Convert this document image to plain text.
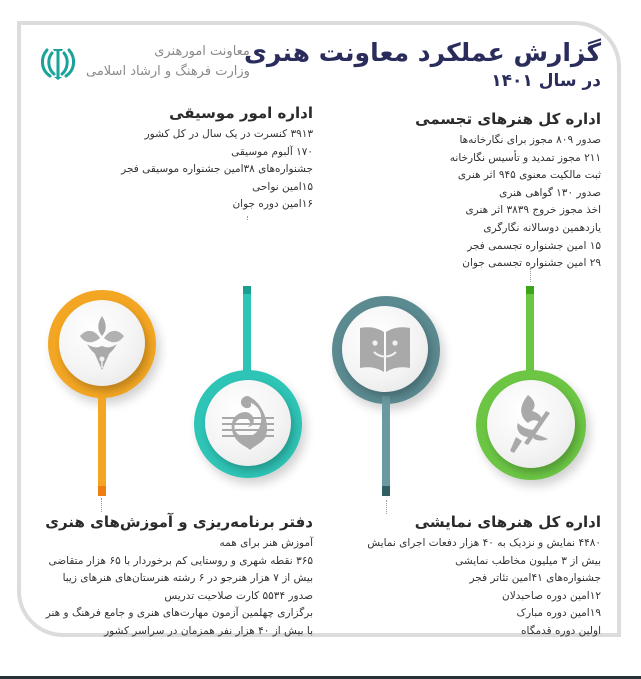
گزارش عملکرد معاونت هنری
در سال ۱۴۰۱
معاونت امورهنری
وزارت فرهنگ و ارشاد اسلامی
اداره کل هنرهای تجسمی
صدور ۸۰۹ مجوز برای نگارخانه‌ها
۲۱۱ مجوز تمدید و تأسیس نگارخانه
ثبت مالکیت معنوی ۹۴۵ اثر هنری
صدور ۱۳۰ گواهی هنری
اخذ مجوز خروج ۳۸۳۹ اثر هنری
یازدهمین دوسالانه نگارگری
۱۵ امین جشنواره تجسمی فجر
۲۹ امین جشنواره تجسمی جوان
اداره امور موسیقی
۳۹۱۳ کنسرت در یک سال در کل کشور
۱۷۰ آلبوم موسیقی
جشنواره‌های ۳۸امین جشنواره موسیقی فجر
۱۵امین نواحی
۱۶امین دوره جوان
دفتر برنامه‌ریزی و آموزش‌های هنری
آموزش هنر برای همه
۳۶۵ نقطه شهری و روستایی کم برخوردار با ۶۵ هزار متقاضی
بیش از ۷ هزار هنرجو در ۶ رشته هنرستان‌های هنرهای زیبا
صدور ۵۵۳۴ کارت صلاحیت تدریس
برگزاری چهلمین آزمون مهارت‌های هنری و جامع فرهنگ و هنر
با بیش از ۴۰ هزار نفر همزمان در سراسر کشور
اداره کل هنرهای نمایشی
۴۴۸۰ نمایش و نزدیک به ۴۰ هزار دفعات اجرای نمایش
بیش از ۳ میلیون مخاطب نمایشی
جشنواره‌های ۴۱امین تئاتر فجر
۱۲امین دوره صاحبدلان
۱۹امین دوره مبارک
اولین دوره قدمگاه
